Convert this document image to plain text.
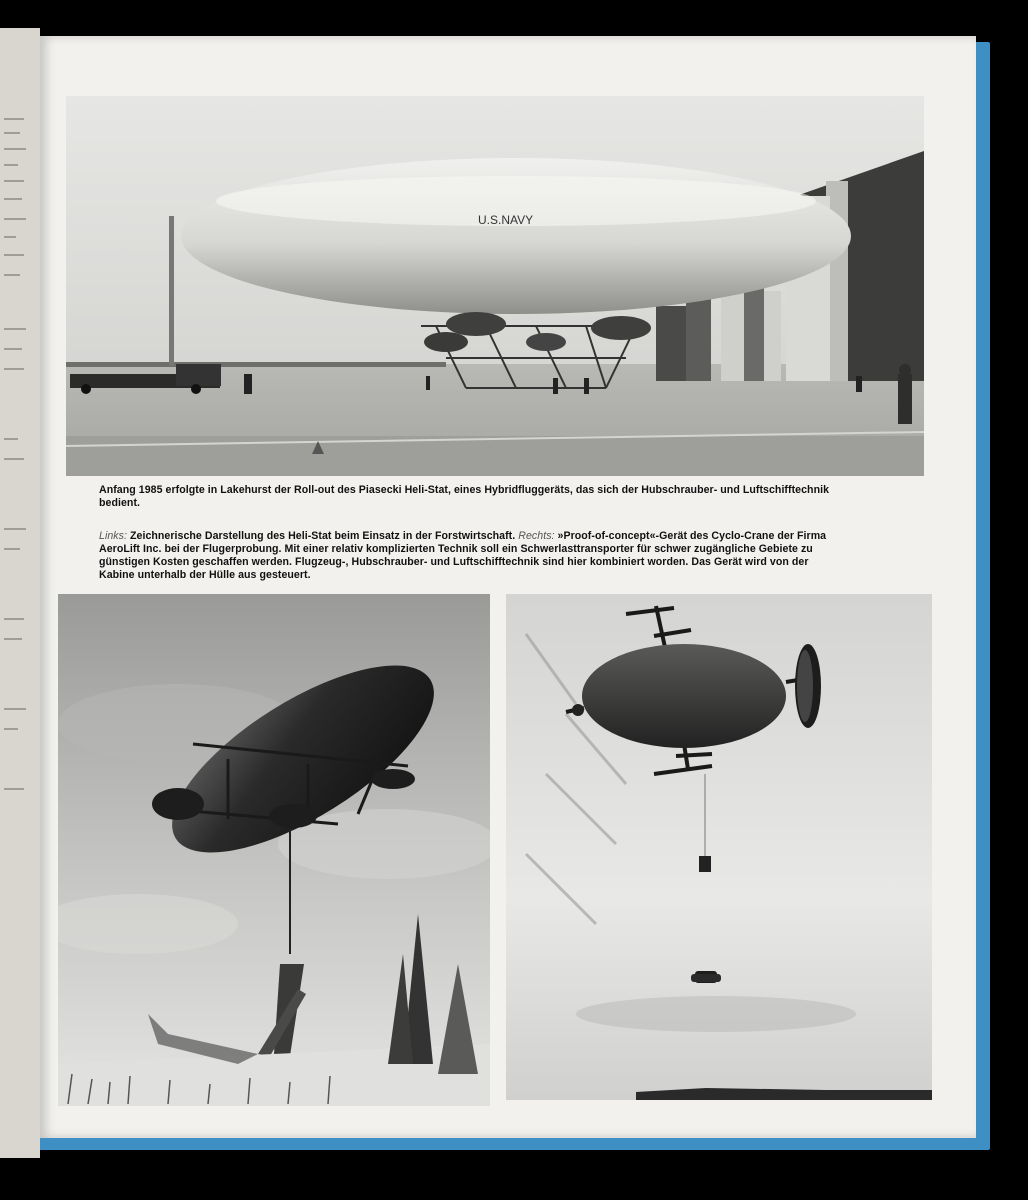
U.S.NAVY
Anfang 1985 erfolgte in Lakehurst der Roll-out des Piasecki Heli-Stat, eines Hybridfluggeräts, das sich der Hubschrauber- und Luftschifftechnik bedient.
Links: Zeichnerische Darstellung des Heli-Stat beim Einsatz in der Forstwirtschaft. Rechts: »Proof-of-concept«-Gerät des Cyclo-Crane der Firma AeroLift Inc. bei der Flugerprobung. Mit einer relativ komplizierten Technik soll ein Schwerlasttransporter für schwer zugängliche Gebiete zu günstigen Kosten geschaffen werden. Flugzeug-, Hubschrauber- und Luftschifftechnik sind hier kombiniert worden. Das Gerät wird von der Kabine unterhalb der Hülle aus gesteuert.
